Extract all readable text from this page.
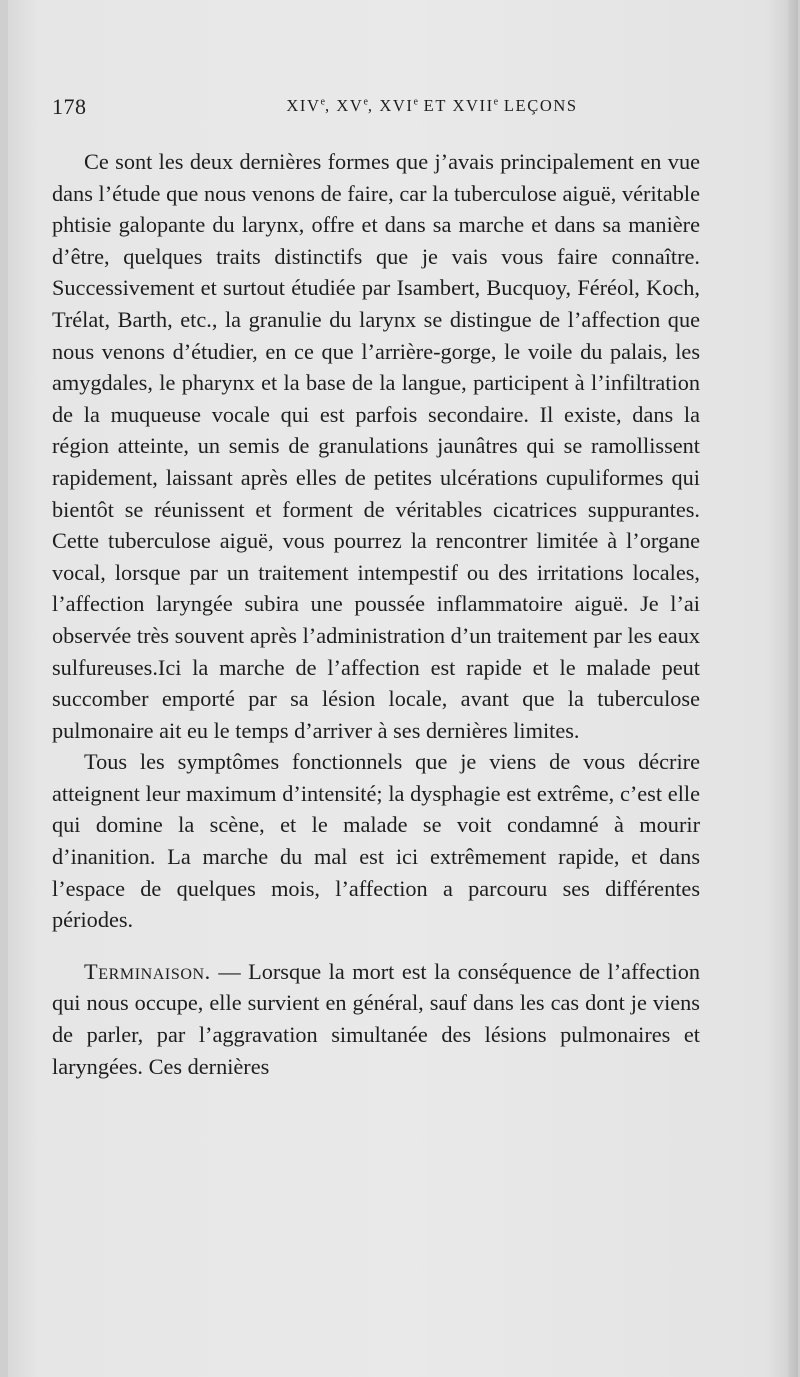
178	XIVe, XVe, XVIe ET XVIIe LEÇONS

Ce sont les deux dernières formes que j’avais principalement en vue dans l’étude que nous venons de faire, car la tuberculose aiguë, véritable phtisie galopante du larynx, offre et dans sa marche et dans sa manière d’être, quelques traits distinctifs que je vais vous faire connaître. Successivement et surtout étudiée par Isambert, Bucquoy, Féréol, Koch, Trélat, Barth, etc., la granulie du larynx se distingue de l’affection que nous venons d’étudier, en ce que l’arrière-gorge, le voile du palais, les amygdales, le pharynx et la base de la langue, participent à l’infiltration de la muqueuse vocale qui est parfois secondaire. Il existe, dans la région atteinte, un semis de granulations jaunâtres qui se ramollissent rapidement, laissant après elles de petites ulcérations cupuliformes qui bientôt se réunissent et forment de véritables cicatrices suppurantes. Cette tuberculose aiguë, vous pourrez la rencontrer limitée à l’organe vocal, lorsque par un traitement intempestif ou des irritations locales, l’affection laryngée subira une poussée inflammatoire aiguë. Je l’ai observée très souvent après l’administration d’un traitement par les eaux sulfureuses.Ici la marche de l’affection est rapide et le malade peut succomber emporté par sa lésion locale, avant que la tuberculose pulmonaire ait eu le temps d’arriver à ses dernières limites.

Tous les symptômes fonctionnels que je viens de vous décrire atteignent leur maximum d’intensité; la dysphagie est extrême, c’est elle qui domine la scène, et le malade se voit condamné à mourir d’inanition. La marche du mal est ici extrêmement rapide, et dans l’espace de quelques mois, l’affection a parcouru ses différentes périodes.

Terminaison. — Lorsque la mort est la conséquence de l’affection qui nous occupe, elle survient en général, sauf dans les cas dont je viens de parler, par l’aggravation simultanée des lésions pulmonaires et laryngées. Ces dernières
